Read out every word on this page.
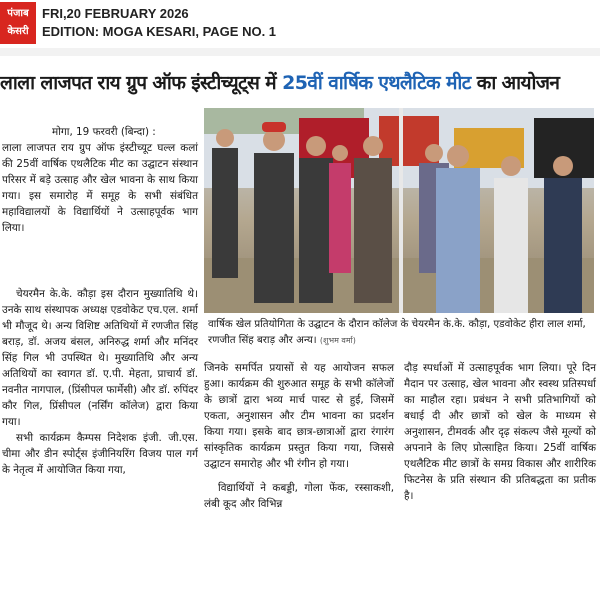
पंजाब
केसरी
FRI,20 FEBRUARY 2026
EDITION: MOGA KESARI, PAGE NO. 1
लाला लाजपत राय ग्रुप ऑफ इंस्टीच्यूट्स में 25वीं वार्षिक एथलैटिक मीट का आयोजन
वार्षिक खेल प्रतियोगिता के उद्घाटन के दौरान कॉलेज के चेयरमैन के.के. कौड़ा, एडवोकेट हीरा लाल शर्मा, रणजीत सिंह बराड़ और अन्य। (शुभम वर्मा)

मोगा, 19 फरवरी (बिन्दा) :

लाला लाजपत राय ग्रुप ऑफ इंस्टीच्यूट घल्ल कलां की 25वीं वार्षिक एथलैटिक मीट का उद्घाटन संस्थान परिसर में बड़े उत्साह और खेल भावना के साथ किया गया। इस समारोह में समूह के सभी संबंधित महाविद्यालयों के विद्यार्थियों ने उत्साहपूर्वक भाग लिया।

चेयरमैन के.के. कौड़ा इस दौरान मुख्यातिथि थे। उनके साथ संस्थापक अध्यक्ष एडवोकेट एच.एल. शर्मा भी मौजूद थे। अन्य विशिष्ट अतिथियों में रणजीत सिंह बराड़, डॉ. अजय बंसल, अनिरुद्ध शर्मा और मनिंदर सिंह गिल भी उपस्थित थे। मुख्यातिथि और अन्य अतिथियों का स्वागत डॉ. ए.पी. मेहता, प्राचार्य डॉ. नवनीत नागपाल, (प्रिंसीपल फार्मेसी) और डॉ. रुपिंदर कौर गिल, प्रिंसीपल (नर्सिंग कॉलेज) द्वारा किया गया।

सभी कार्यक्रम कैम्पस निदेशक इंजी. जी.एस. चीमा और डीन स्पोर्ट्स इंजीनियरिंग विजय पाल गर्ग के नेतृत्व में आयोजित किया गया,

जिनके समर्पित प्रयासों से यह आयोजन सफल हुआ। कार्यक्रम की शुरुआत समूह के सभी कॉलेजों के छात्रों द्वारा भव्य मार्च पास्ट से हुई, जिसमें एकता, अनुशासन और टीम भावना का प्रदर्शन किया गया। इसके बाद छात्र-छात्राओं द्वारा रंगारंग सांस्कृतिक कार्यक्रम प्रस्तुत किया गया, जिससे उद्घाटन समारोह और भी रंगीन हो गया।

विद्यार्थियों ने कबड्डी, गोला फेंक, रस्साकशी, लंबी कूद और विभिन्न

दौड़ स्पर्धाओं में उत्साहपूर्वक भाग लिया। पूरे दिन मैदान पर उत्साह, खेल भावना और स्वस्थ प्रतिस्पर्धा का माहौल रहा। प्रबंधन ने सभी प्रतिभागियों को बधाई दी और छात्रों को खेल के माध्यम से अनुशासन, टीमवर्क और दृढ़ संकल्प जैसे मूल्यों को अपनाने के लिए प्रोत्साहित किया। 25वीं वार्षिक एथलैटिक मीट छात्रों के समग्र विकास और शारीरिक फिटनेस के प्रति संस्थान की प्रतिबद्धता का प्रतीक है।
